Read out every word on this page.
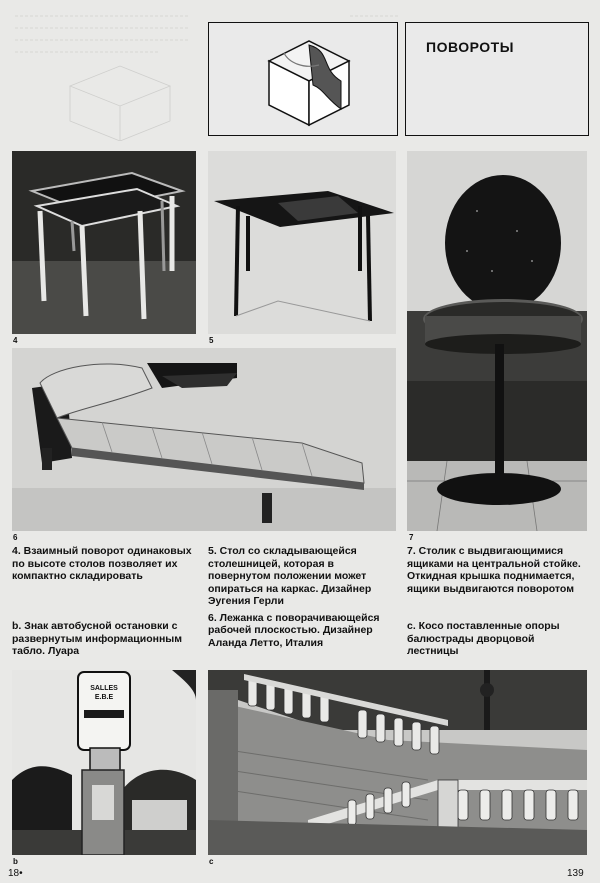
ПОВОРОТЫ
4	5
7
6

4. Взаимный поворот одинаковых по высоте столов позволяет их компактно складировать

b. Знак автобусной остановки с развернутым информационным табло. Луара

5. Стол со складывающейся столешницей, которая в повернутом положении может опираться на каркас. Дизайнер Эугения Герли

6. Лежанка с поворачивающейся рабочей плоскостью. Дизайнер Аланда Летто, Италия

7. Столик с выдвигающимися ящиками на центральной стойке. Откидная крышка поднимается, ящики выдвигаются поворотом

c. Косо поставленные опоры балюстрады дворцовой лестницы

SALLES
E.B.E
b	c
18•	139
